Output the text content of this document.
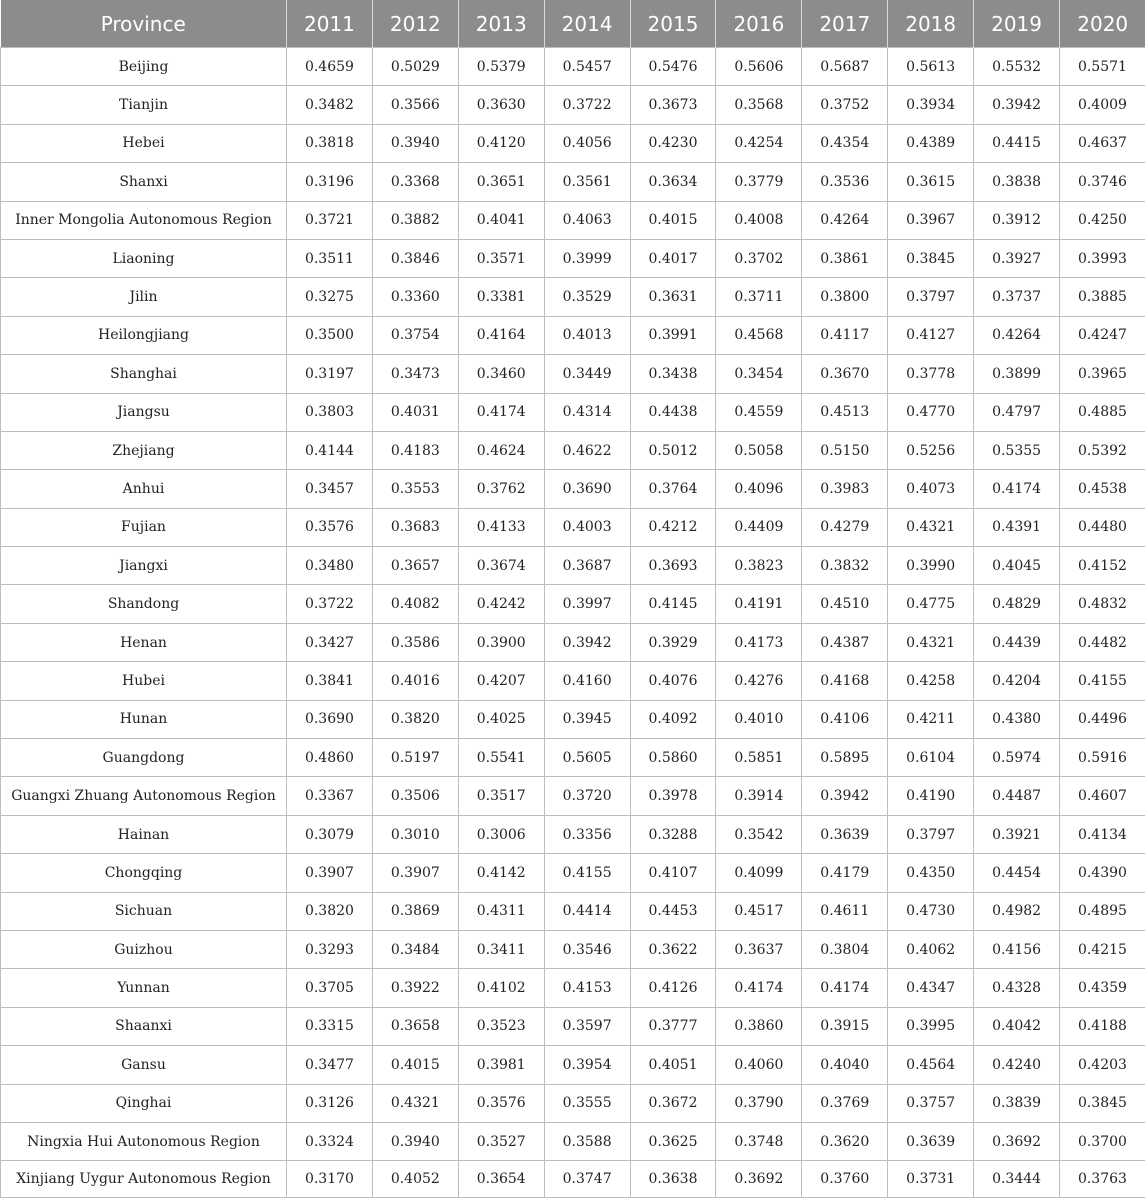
Province	2011	2012	2013	2014	2015	2016	2017	2018	2019	2020
Beijing	0.4659	0.5029	0.5379	0.5457	0.5476	0.5606	0.5687	0.5613	0.5532	0.5571
Tianjin	0.3482	0.3566	0.3630	0.3722	0.3673	0.3568	0.3752	0.3934	0.3942	0.4009
Hebei	0.3818	0.3940	0.4120	0.4056	0.4230	0.4254	0.4354	0.4389	0.4415	0.4637
Shanxi	0.3196	0.3368	0.3651	0.3561	0.3634	0.3779	0.3536	0.3615	0.3838	0.3746
Inner Mongolia Autonomous Region	0.3721	0.3882	0.4041	0.4063	0.4015	0.4008	0.4264	0.3967	0.3912	0.4250
Liaoning	0.3511	0.3846	0.3571	0.3999	0.4017	0.3702	0.3861	0.3845	0.3927	0.3993
Jilin	0.3275	0.3360	0.3381	0.3529	0.3631	0.3711	0.3800	0.3797	0.3737	0.3885
Heilongjiang	0.3500	0.3754	0.4164	0.4013	0.3991	0.4568	0.4117	0.4127	0.4264	0.4247
Shanghai	0.3197	0.3473	0.3460	0.3449	0.3438	0.3454	0.3670	0.3778	0.3899	0.3965
Jiangsu	0.3803	0.4031	0.4174	0.4314	0.4438	0.4559	0.4513	0.4770	0.4797	0.4885
Zhejiang	0.4144	0.4183	0.4624	0.4622	0.5012	0.5058	0.5150	0.5256	0.5355	0.5392
Anhui	0.3457	0.3553	0.3762	0.3690	0.3764	0.4096	0.3983	0.4073	0.4174	0.4538
Fujian	0.3576	0.3683	0.4133	0.4003	0.4212	0.4409	0.4279	0.4321	0.4391	0.4480
Jiangxi	0.3480	0.3657	0.3674	0.3687	0.3693	0.3823	0.3832	0.3990	0.4045	0.4152
Shandong	0.3722	0.4082	0.4242	0.3997	0.4145	0.4191	0.4510	0.4775	0.4829	0.4832
Henan	0.3427	0.3586	0.3900	0.3942	0.3929	0.4173	0.4387	0.4321	0.4439	0.4482
Hubei	0.3841	0.4016	0.4207	0.4160	0.4076	0.4276	0.4168	0.4258	0.4204	0.4155
Hunan	0.3690	0.3820	0.4025	0.3945	0.4092	0.4010	0.4106	0.4211	0.4380	0.4496
Guangdong	0.4860	0.5197	0.5541	0.5605	0.5860	0.5851	0.5895	0.6104	0.5974	0.5916
Guangxi Zhuang Autonomous Region	0.3367	0.3506	0.3517	0.3720	0.3978	0.3914	0.3942	0.4190	0.4487	0.4607
Hainan	0.3079	0.3010	0.3006	0.3356	0.3288	0.3542	0.3639	0.3797	0.3921	0.4134
Chongqing	0.3907	0.3907	0.4142	0.4155	0.4107	0.4099	0.4179	0.4350	0.4454	0.4390
Sichuan	0.3820	0.3869	0.4311	0.4414	0.4453	0.4517	0.4611	0.4730	0.4982	0.4895
Guizhou	0.3293	0.3484	0.3411	0.3546	0.3622	0.3637	0.3804	0.4062	0.4156	0.4215
Yunnan	0.3705	0.3922	0.4102	0.4153	0.4126	0.4174	0.4174	0.4347	0.4328	0.4359
Shaanxi	0.3315	0.3658	0.3523	0.3597	0.3777	0.3860	0.3915	0.3995	0.4042	0.4188
Gansu	0.3477	0.4015	0.3981	0.3954	0.4051	0.4060	0.4040	0.4564	0.4240	0.4203
Qinghai	0.3126	0.4321	0.3576	0.3555	0.3672	0.3790	0.3769	0.3757	0.3839	0.3845
Ningxia Hui Autonomous Region	0.3324	0.3940	0.3527	0.3588	0.3625	0.3748	0.3620	0.3639	0.3692	0.3700
Xinjiang Uygur Autonomous Region	0.3170	0.4052	0.3654	0.3747	0.3638	0.3692	0.3760	0.3731	0.3444	0.3763
